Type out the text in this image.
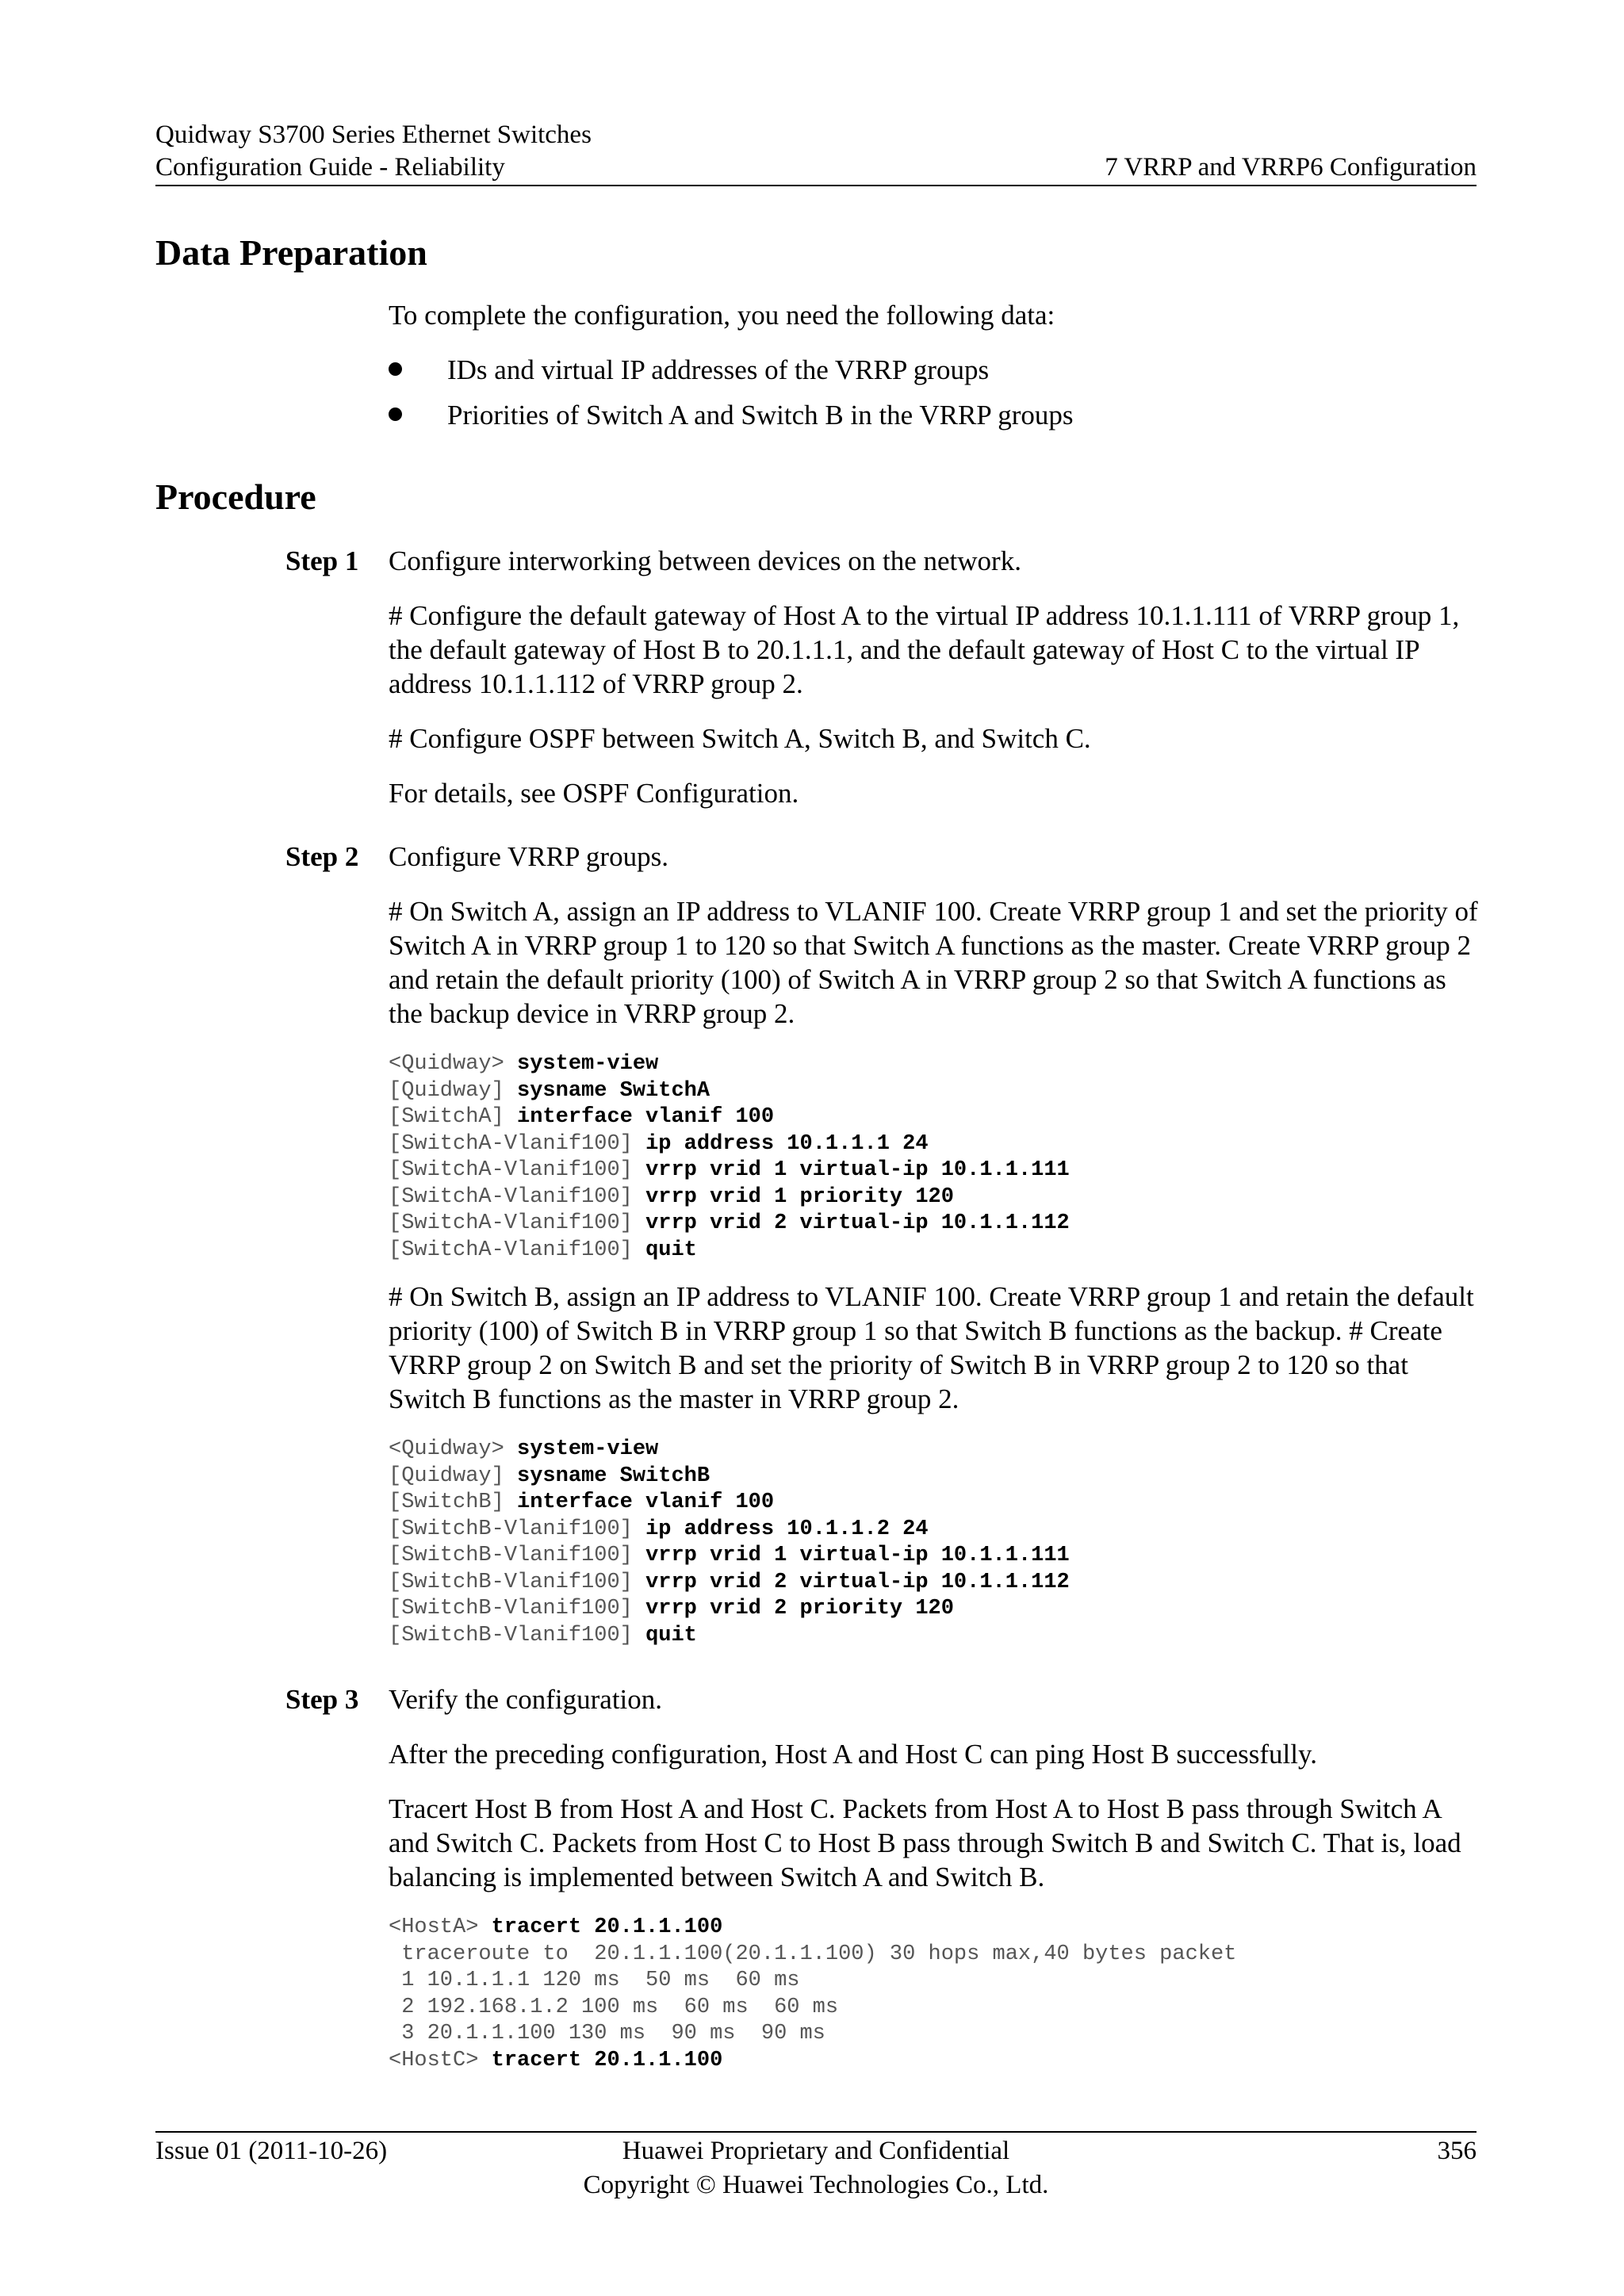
Quidway S3700 Series Ethernet Switches
Configuration Guide - Reliability	7 VRRP and VRRP6 Configuration
Data Preparation

To complete the configuration, you need the following data:

IDs and virtual IP addresses of the VRRP groups
Priorities of Switch A and Switch B in the VRRP groups
Procedure
Step 1 Configure interworking between devices on the network.

# Configure the default gateway of Host A to the virtual IP address 10.1.1.111 of VRRP group 1, the default gateway of Host B to 20.1.1.1, and the default gateway of Host C to the virtual IP address 10.1.1.112 of VRRP group 2.

# Configure OSPF between Switch A, Switch B, and Switch C.

For details, see OSPF Configuration.

Step 2 Configure VRRP groups.

# On Switch A, assign an IP address to VLANIF 100. Create VRRP group 1 and set the priority of Switch A in VRRP group 1 to 120 so that Switch A functions as the master. Create VRRP group 2 and retain the default priority (100) of Switch A in VRRP group 2 so that Switch A functions as the backup device in VRRP group 2.

<Quidway> system-view
[Quidway] sysname SwitchA
[SwitchA] interface vlanif 100
[SwitchA-Vlanif100] ip address 10.1.1.1 24
[SwitchA-Vlanif100] vrrp vrid 1 virtual-ip 10.1.1.111
[SwitchA-Vlanif100] vrrp vrid 1 priority 120
[SwitchA-Vlanif100] vrrp vrid 2 virtual-ip 10.1.1.112
[SwitchA-Vlanif100] quit

# On Switch B, assign an IP address to VLANIF 100. Create VRRP group 1 and retain the default priority (100) of Switch B in VRRP group 1 so that Switch B functions as the backup. # Create VRRP group 2 on Switch B and set the priority of Switch B in VRRP group 2 to 120 so that Switch B functions as the master in VRRP group 2.

<Quidway> system-view
[Quidway] sysname SwitchB
[SwitchB] interface vlanif 100
[SwitchB-Vlanif100] ip address 10.1.1.2 24
[SwitchB-Vlanif100] vrrp vrid 1 virtual-ip 10.1.1.111
[SwitchB-Vlanif100] vrrp vrid 2 virtual-ip 10.1.1.112
[SwitchB-Vlanif100] vrrp vrid 2 priority 120
[SwitchB-Vlanif100] quit
Step 3 Verify the configuration.

After the preceding configuration, Host A and Host C can ping Host B successfully.

Tracert Host B from Host A and Host C. Packets from Host A to Host B pass through Switch A and Switch C. Packets from Host C to Host B pass through Switch B and Switch C. That is, load balancing is implemented between Switch A and Switch B.

<HostA> tracert 20.1.1.100
traceroute to  20.1.1.100(20.1.1.100) 30 hops max,40 bytes packet
1 10.1.1.1 120 ms  50 ms  60 ms
2 192.168.1.2 100 ms  60 ms  60 ms
3 20.1.1.100 130 ms  90 ms  90 ms
<HostC> tracert 20.1.1.100
Issue 01 (2011-10-26)	Huawei Proprietary and Confidential
Copyright © Huawei Technologies Co., Ltd.
356
